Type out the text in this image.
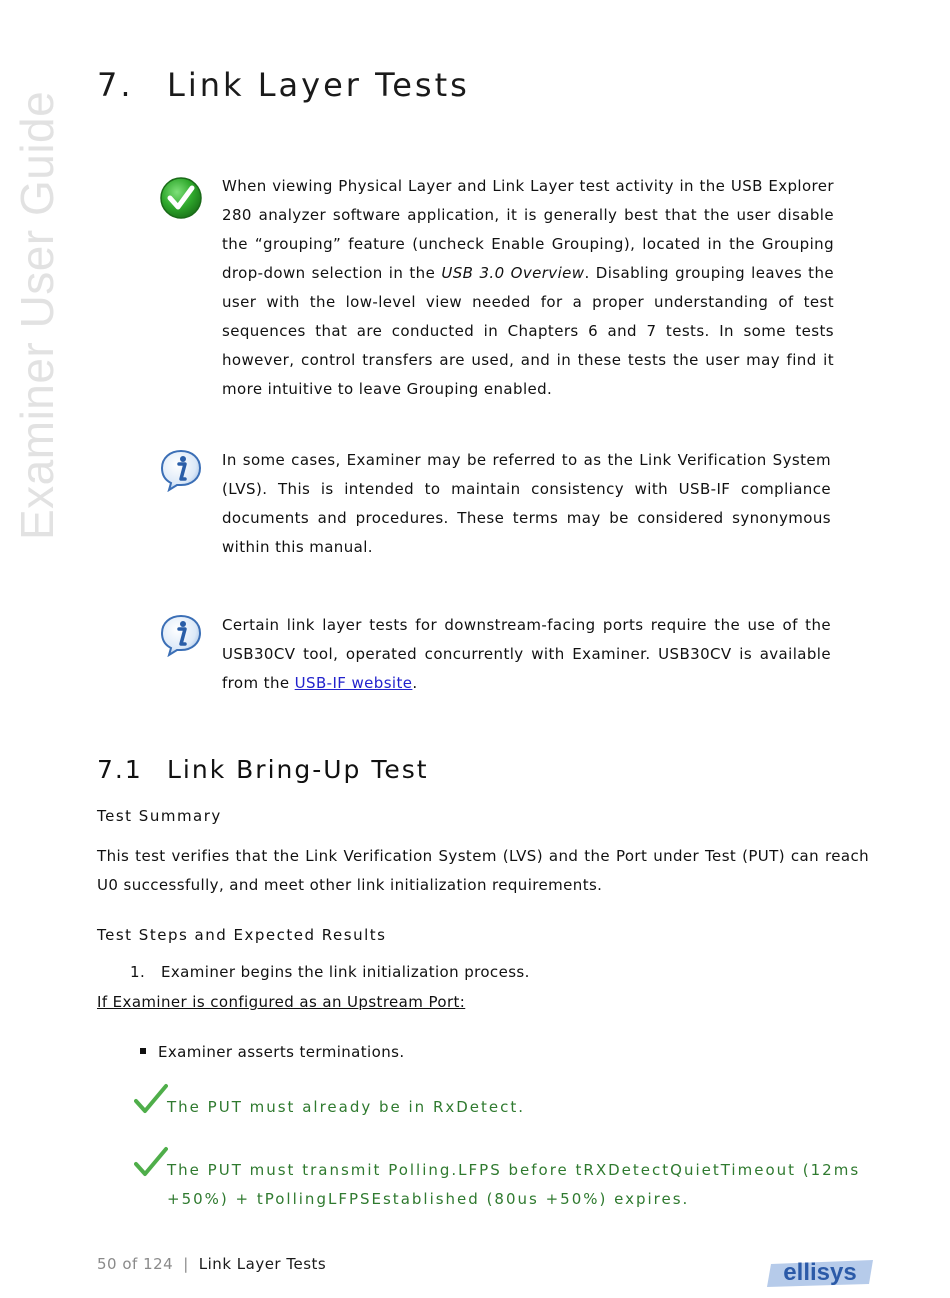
Examiner User Guide
7. Link Layer Tests

When viewing Physical Layer and Link Layer test activity in the USB Explorer 280 analyzer software application, it is generally best that the user disable the “grouping” feature (uncheck Enable Grouping), located in the Grouping drop-down selection in the USB 3.0 Overview. Disabling grouping leaves the user with the low-level view needed for a proper understanding of test sequences that are conducted in Chapters 6 and 7 tests. In some tests however, control transfers are used, and in these tests the user may find it more intuitive to leave Grouping enabled.

In some cases, Examiner may be referred to as the Link Verification System (LVS). This is intended to maintain consistency with USB-IF compliance documents and procedures. These terms may be considered synonymous within this manual.

Certain link layer tests for downstream-facing ports require the use of the USB30CV tool, operated concurrently with Examiner. USB30CV is available from the USB-IF website.

7.1 Link Bring-Up Test
Test Summary

This test verifies that the Link Verification System (LVS) and the Port under Test (PUT) can reach U0 successfully, and meet other link initialization requirements.

Test Steps and Expected Results
1. Examiner begins the link initialization process.
If Examiner is configured as an Upstream Port:
Examiner asserts terminations.

The PUT must already be in RxDetect.

The PUT must transmit Polling.LFPS before tRXDetectQuietTimeout (12ms
+50%) + tPollingLFPSEstablished (80us +50%) expires.
50 of 124 | Link Layer Tests	ellisys
